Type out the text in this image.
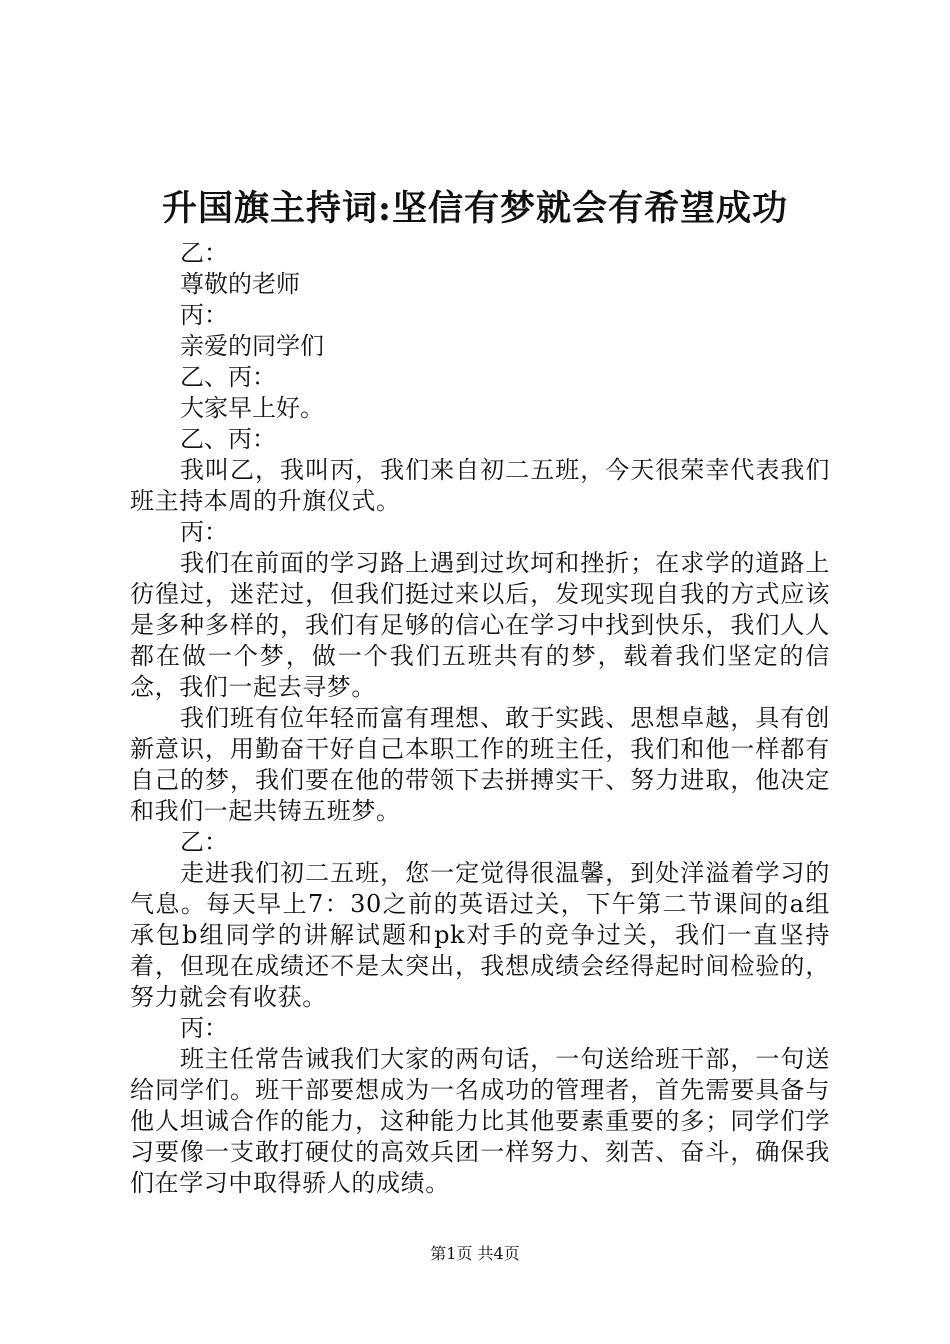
升国旗主持词:坚信有梦就会有希望成功

乙：

尊敬的老师

丙：

亲爱的同学们

乙、丙：

大家早上好。

乙、丙：

我叫乙，我叫丙，我们来自初二五班，今天很荣幸代表我们班主持本周的升旗仪式。

丙：

我们在前面的学习路上遇到过坎坷和挫折；在求学的道路上彷徨过，迷茫过，但我们挺过来以后，发现实现自我的方式应该是多种多样的，我们有足够的信心在学习中找到快乐，我们人人都在做一个梦，做一个我们五班共有的梦，载着我们坚定的信念，我们一起去寻梦。

我们班有位年轻而富有理想、敢于实践、思想卓越，具有创新意识，用勤奋干好自己本职工作的班主任，我们和他一样都有自己的梦，我们要在他的带领下去拼搏实干、努力进取，他决定和我们一起共铸五班梦。

乙：

走进我们初二五班，您一定觉得很温馨，到处洋溢着学习的气息。每天早上7：30之前的英语过关，下午第二节课间的a组承包b组同学的讲解试题和pk对手的竞争过关，我们一直坚持着，但现在成绩还不是太突出，我想成绩会经得起时间检验的，努力就会有收获。

丙：

班主任常告诫我们大家的两句话，一句送给班干部，一句送给同学们。班干部要想成为一名成功的管理者，首先需要具备与他人坦诚合作的能力，这种能力比其他要素重要的多；同学们学习要像一支敢打硬仗的高效兵团一样努力、刻苦、奋斗，确保我们在学习中取得骄人的成绩。

第1页 共4页
